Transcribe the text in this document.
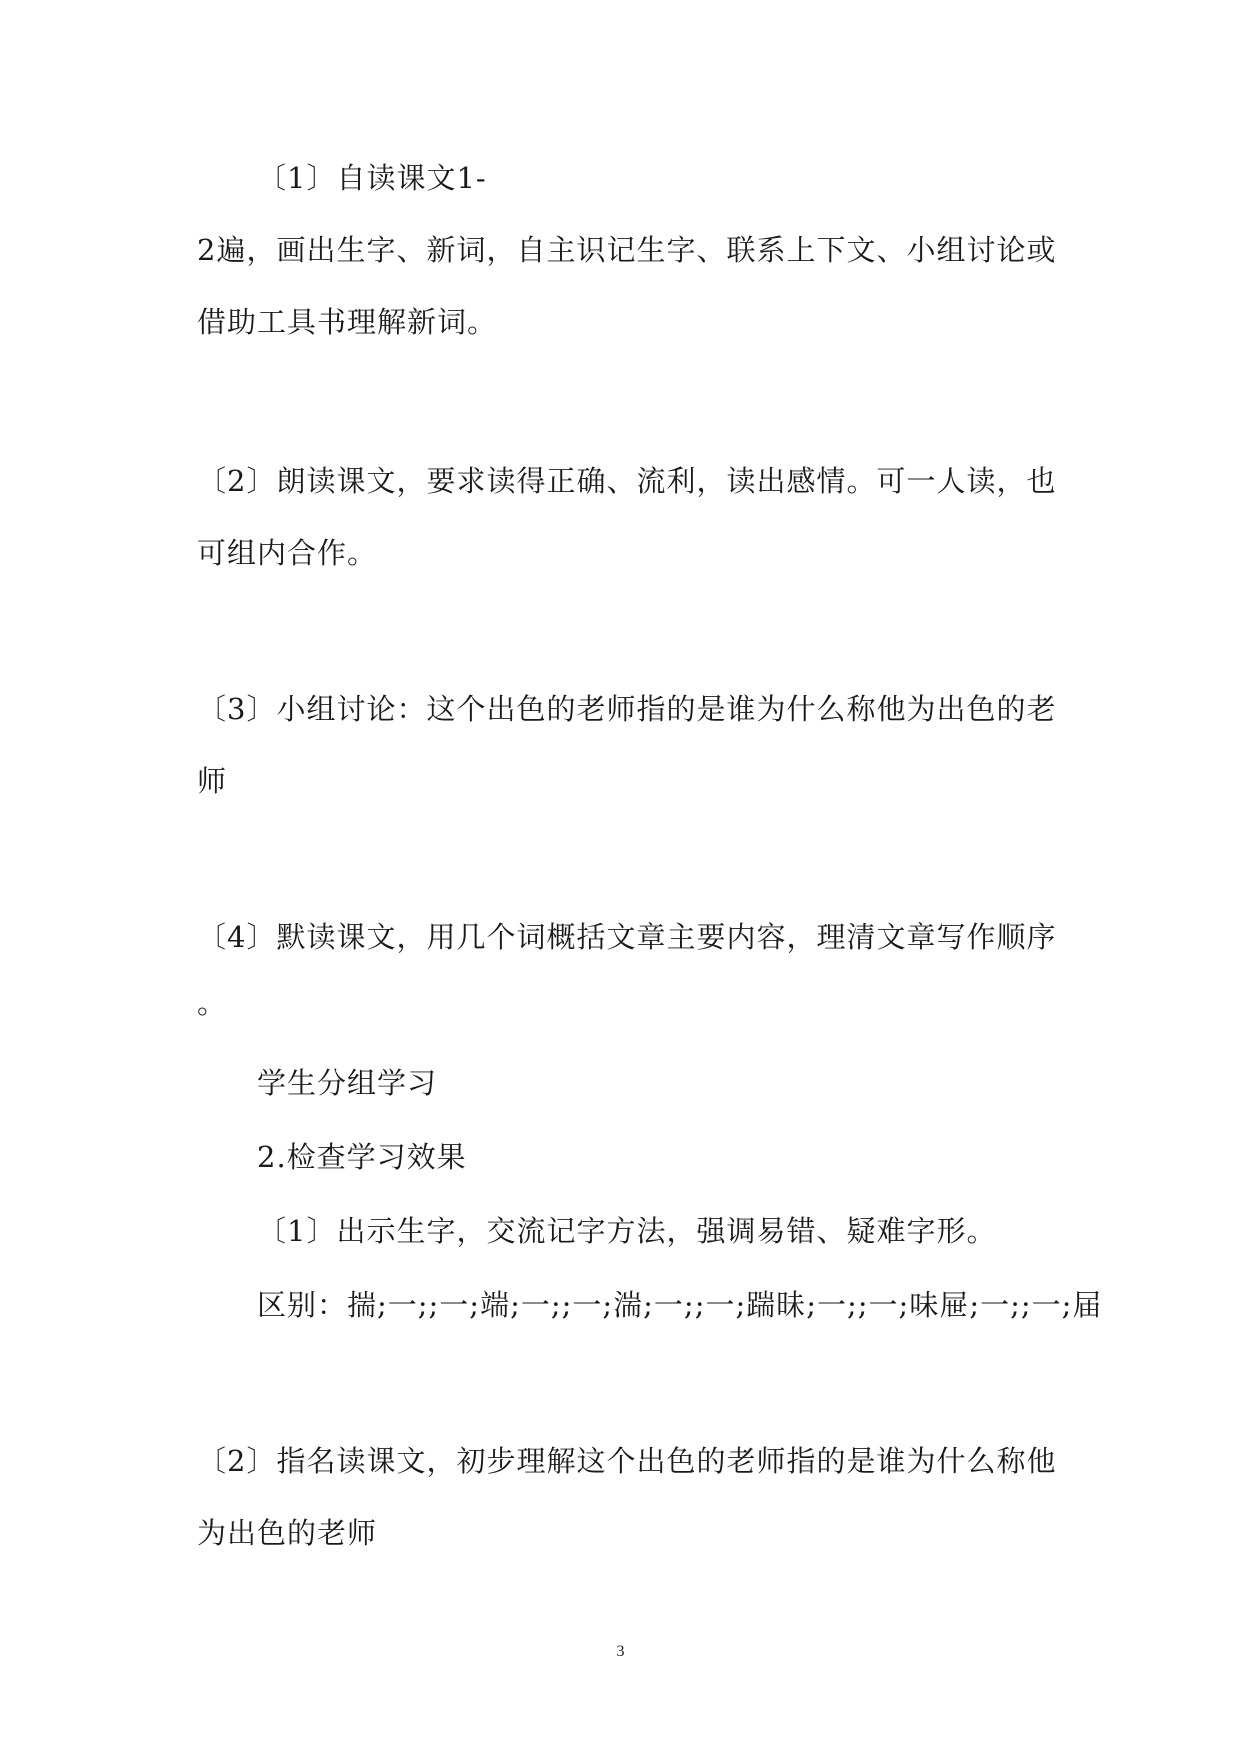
〔1〕自读课文1-
2遍，画出生字、新词，自主识记生字、联系上下文、小组讨论或
借助工具书理解新词。
〔2〕朗读课文，要求读得正确、流利，读出感情。可一人读，也
可组内合作。
〔3〕小组讨论：这个出色的老师指的是谁为什么称他为出色的老
师
〔4〕默读课文，用几个词概括文章主要内容，理清文章写作顺序
。
学生分组学习
2.检查学习效果
〔1〕出示生字，交流记字方法，强调易错、疑难字形。
区别：揣;一;;一;端;一;;一;湍;一;;一;踹昧;一;;一;味屉;一;;一;届
〔2〕指名读课文，初步理解这个出色的老师指的是谁为什么称他
为出色的老师
3
